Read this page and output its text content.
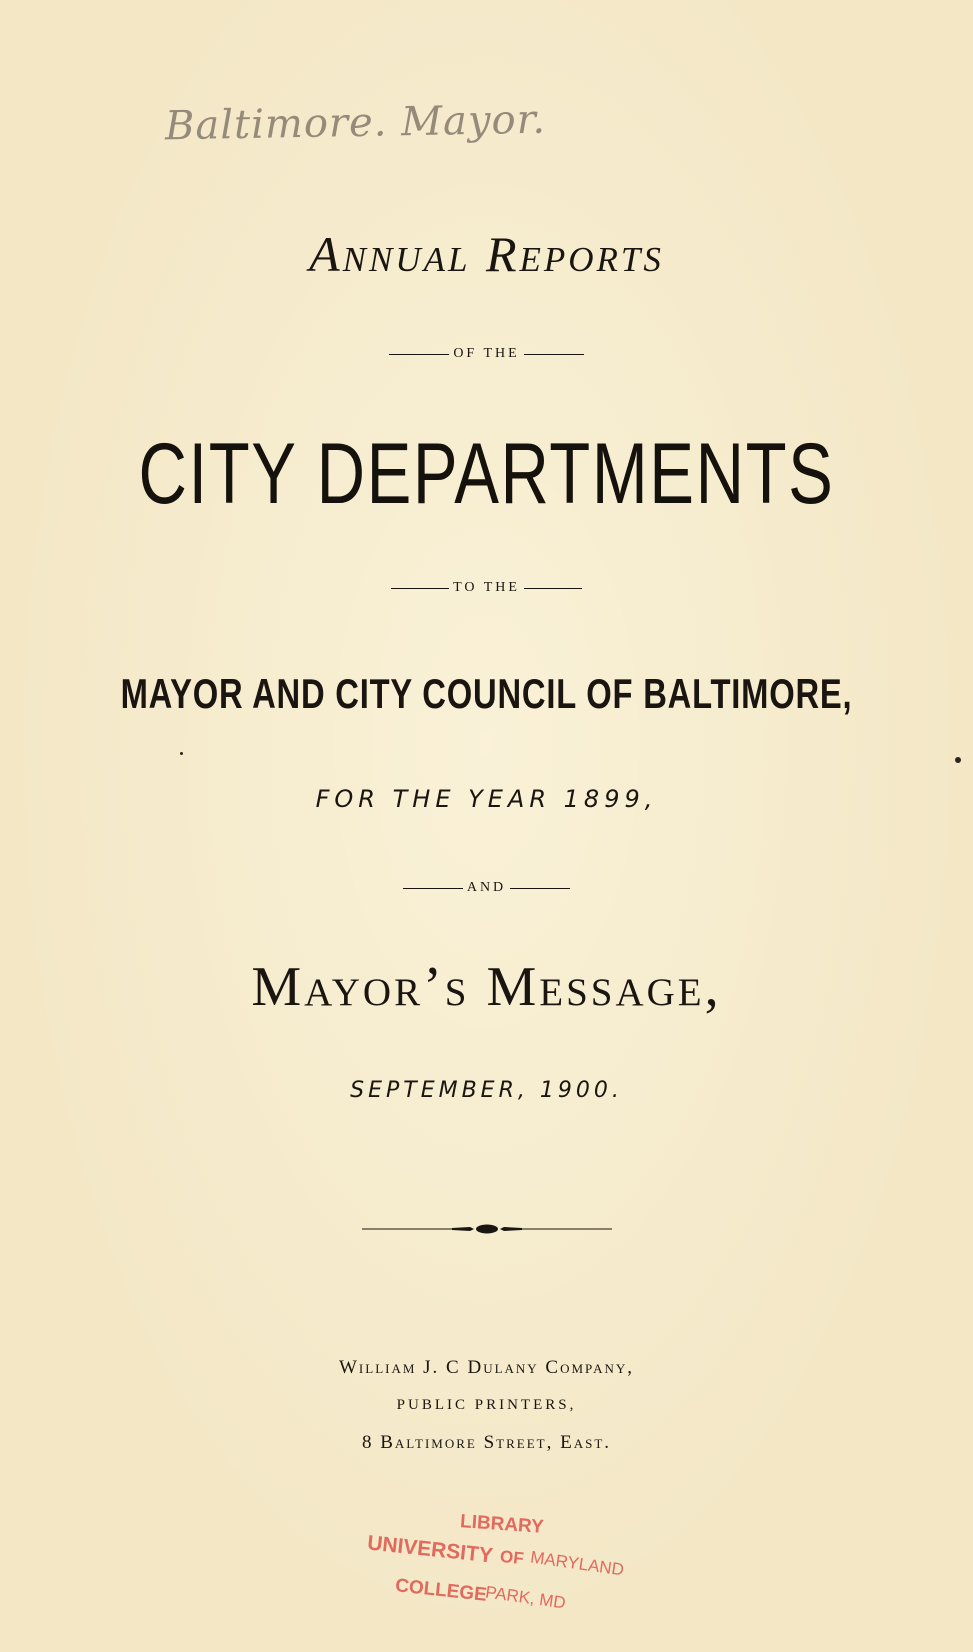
Baltimore. Mayor.
Annual Reports
OF THE
CITY DEPARTMENTS
TO THE
MAYOR AND CITY COUNCIL OF BALTIMORE,
FOR THE YEAR 1899,
AND
Mayor’s Message,
SEPTEMBER, 1900.
William J. C Dulany Company,
PUBLIC PRINTERS,
8 Baltimore Street, East.
LIBRARY
UNIVERSITY OF MARYLAND
COLLEGE
PARK, MD
